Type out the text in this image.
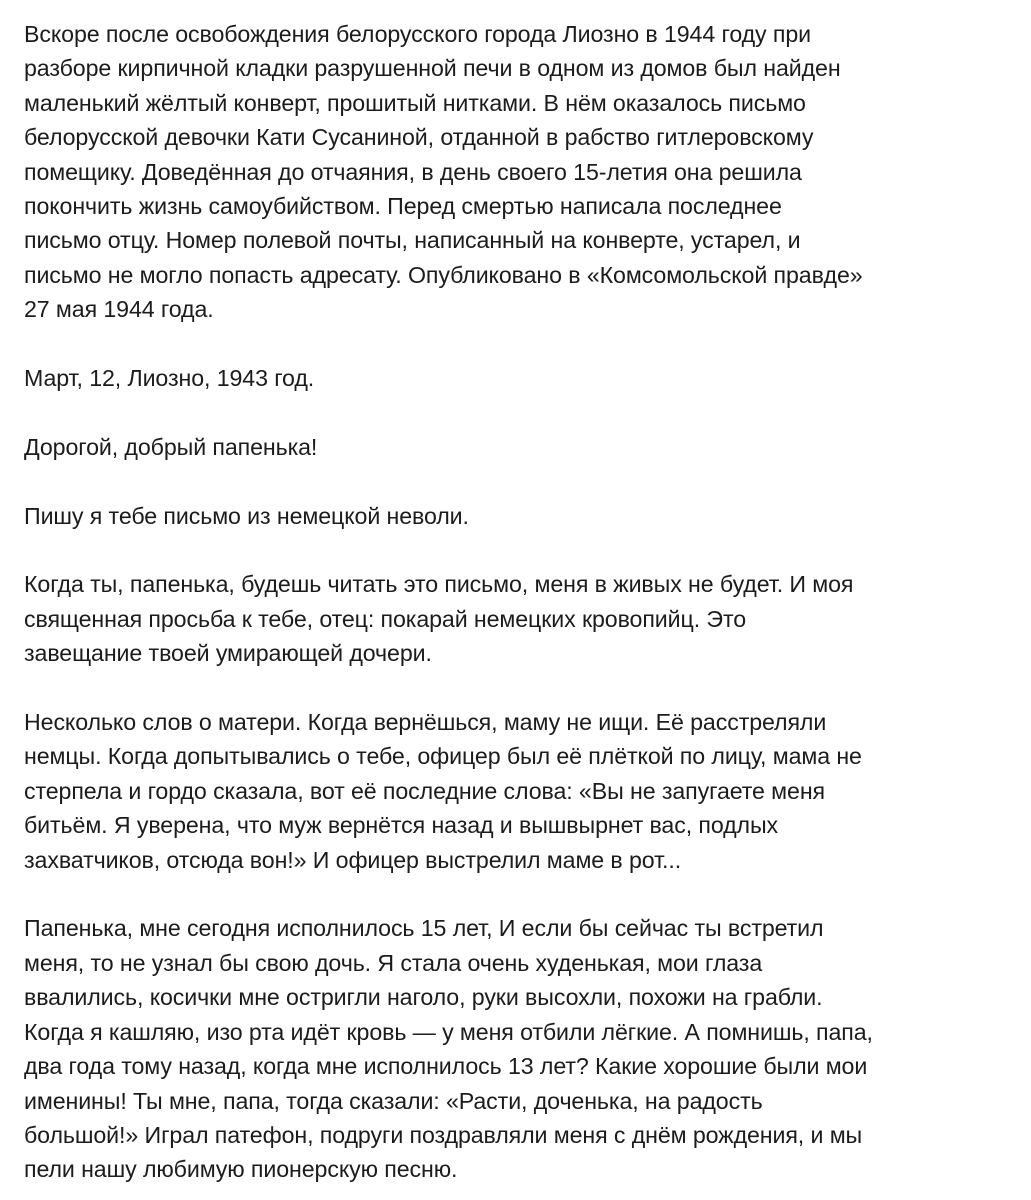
Вскоре после освобождения белорусского города Лиозно в 1944 году при
разборе кирпичной кладки разрушенной печи в одном из домов был найден
маленький жёлтый конверт, прошитый нитками. В нём оказалось письмо
белорусской девочки Кати Сусаниной, отданной в рабство гитлеровскому
помещику. Доведённая до отчаяния, в день своего 15-летия она решила
покончить жизнь самоубийством. Перед смертью написала последнее
письмо отцу. Номер полевой почты, написанный на конверте, устарел, и
письмо не могло попасть адресату. Опубликовано в «Комсомольской правде»
27 мая 1944 года.

Март, 12, Лиозно, 1943 год.

Дорогой, добрый папенька!

Пишу я тебе письмо из немецкой неволи.

Когда ты, папенька, будешь читать это письмо, меня в живых не будет. И моя
священная просьба к тебе, отец: покарай немецких кровопийц. Это
завещание твоей умирающей дочери.

Несколько слов о матери. Когда вернёшься, маму не ищи. Её расстреляли
немцы. Когда допытывались о тебе, офицер был её плёткой по лицу, мама не
стерпела и гордо сказала, вот её последние слова: «Вы не запугаете меня
битьём. Я уверена, что муж вернётся назад и вышвырнет вас, подлых
захватчиков, отсюда вон!» И офицер выстрелил маме в рот...

Папенька, мне сегодня исполнилось 15 лет, И если бы сейчас ты встретил
меня, то не узнал бы свою дочь. Я стала очень худенькая, мои глаза
ввалились, косички мне остригли наголо, руки высохли, похожи на грабли.
Когда я кашляю, изо рта идёт кровь — у меня отбили лёгкие. А помнишь, папа,
два года тому назад, когда мне исполнилось 13 лет? Какие хорошие были мои
именины! Ты мне, папа, тогда сказали: «Расти, доченька, на радость
большой!» Играл патефон, подруги поздравляли меня с днём рождения, и мы
пели нашу любимую пионерскую песню.
